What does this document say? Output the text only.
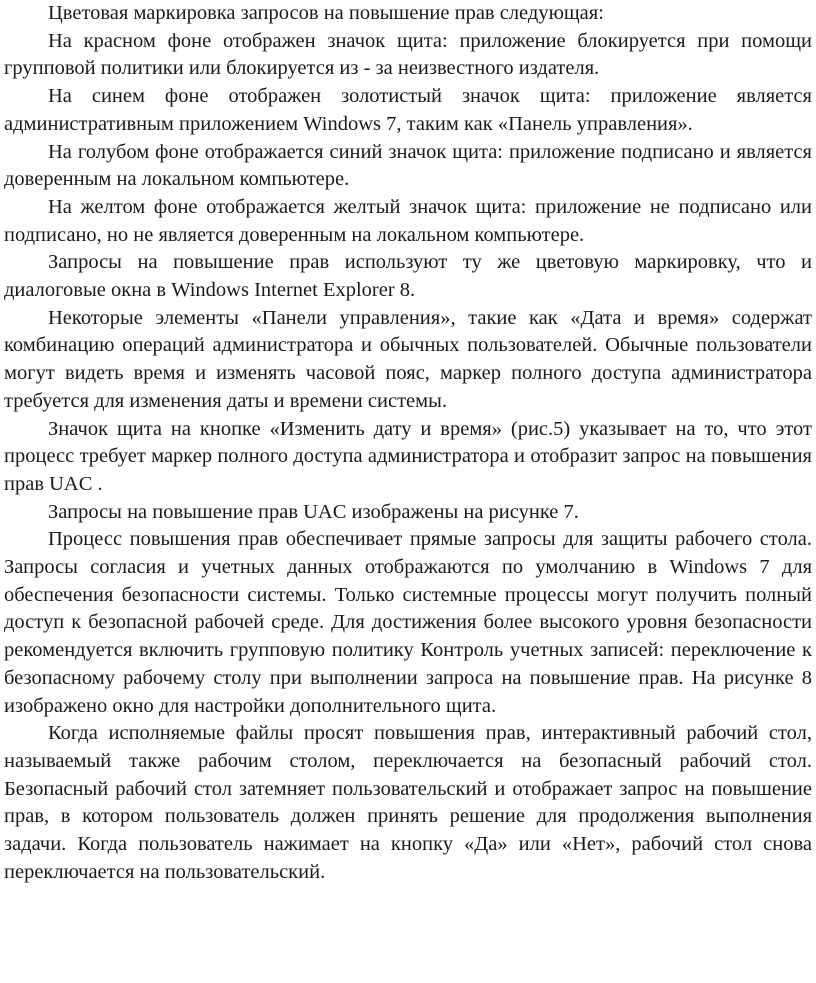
Цветовая маркировка запросов на повышение прав следующая:

На красном фоне отображен значок щита: приложение блокируется при помощи групповой политики или блокируется из - за неизвестного издателя.

На синем фоне отображен золотистый значок щита: приложение является административным приложением Windows 7, таким как «Панель управления».

На голубом фоне отображается синий значок щита: приложение подписано и является доверенным на локальном компьютере.

На желтом фоне отображается желтый значок щита: приложение не подписано или подписано, но не является доверенным на локальном компьютере.

Запросы на повышение прав используют ту же цветовую маркировку, что и диалоговые окна в Windows Internet Explorer 8.

Некоторые элементы «Панели управления», такие как «Дата и время» содержат комбинацию операций администратора и обычных пользователей. Обычные пользователи могут видеть время и изменять часовой пояс, маркер полного доступа администратора требуется для изменения даты и времени системы.

Значок щита на кнопке «Изменить дату и время» (рис.5) указывает на то, что этот процесс требует маркер полного доступа администратора и отобразит запрос на повышения прав UAC .

Запросы на повышение прав UAC изображены на рисунке 7.

Процесс повышения прав обеспечивает прямые запросы для защиты рабочего стола. Запросы согласия и учетных данных отображаются по умолчанию в Windows 7 для обеспечения безопасности системы. Только системные процессы могут получить полный доступ к безопасной рабочей среде. Для достижения более высокого уровня безопасности рекомендуется включить групповую политику Контроль учетных записей: переключение к безопасному рабочему столу при выполнении запроса на повышение прав. На рисунке 8 изображено окно для настройки дополнительного щита.

Когда исполняемые файлы просят повышения прав, интерактивный рабочий стол, называемый также рабочим столом, переключается на безопасный рабочий стол. Безопасный рабочий стол затемняет пользовательский и отображает запрос на повышение прав, в котором пользователь должен принять решение для продолжения выполнения задачи. Когда пользователь нажимает на кнопку «Да» или «Нет», рабочий стол снова переключается на пользовательский.
